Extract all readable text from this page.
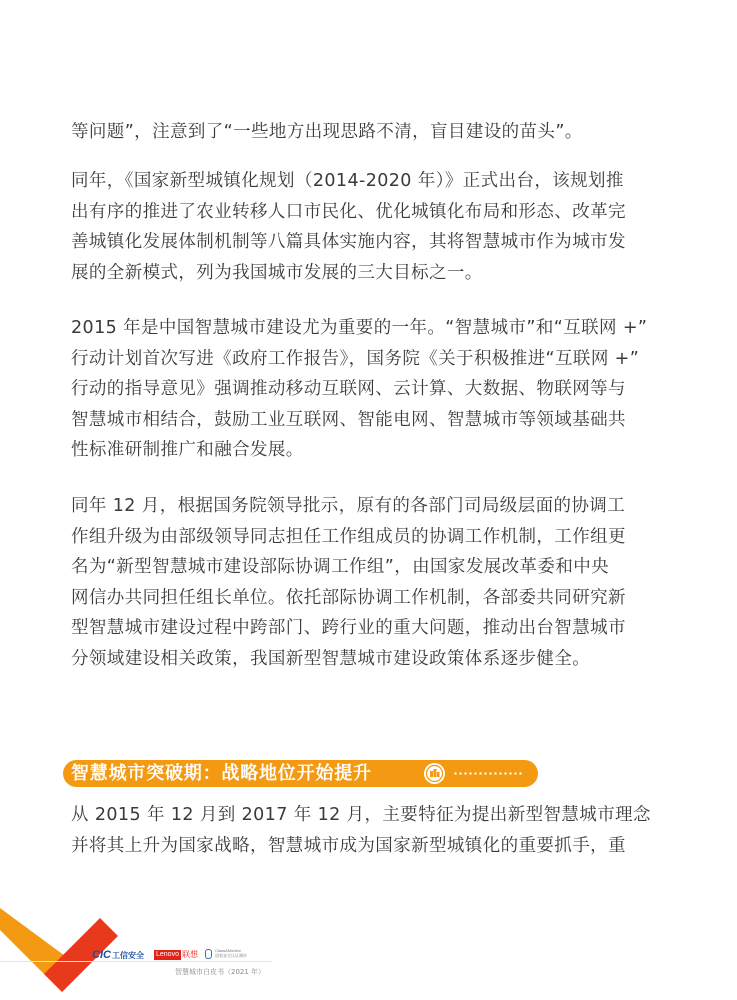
等问题”，注意到了“一些地方出现思路不清，盲目建设的苗头”。

同年，《国家新型城镇化规划（2014-2020 年）》正式出台，该规划推
出有序的推进了农业转移人口市民化、优化城镇化布局和形态、改革完
善城镇化发展体制机制等八篇具体实施内容，其将智慧城市作为城市发
展的全新模式，列为我国城市发展的三大目标之一。

2015 年是中国智慧城市建设尤为重要的一年。“智慧城市”和“互联网 +”
行动计划首次写进《政府工作报告》，国务院《关于积极推进“互联网 +”
行动的指导意见》强调推动移动互联网、云计算、大数据、物联网等与
智慧城市相结合，鼓励工业互联网、智能电网、智慧城市等领域基础共
性标准研制推广和融合发展。

同年 12 月，根据国务院领导批示，原有的各部门司局级层面的协调工
作组升级为由部级领导同志担任工作组成员的协调工作机制，工作组更
名为“新型智慧城市建设部际协调工作组”，由国家发展改革委和中央
网信办共同担任组长单位。依托部际协调工作机制，各部委共同研究新
型智慧城市建设过程中跨部门、跨行业的重大问题，推动出台智慧城市
分领域建设相关政策，我国新型智慧城市建设政策体系逐步健全。

智慧城市突破期：战略地位开始提升

从 2015 年 12 月到 2017 年 12 月，主要特征为提出新型智慧城市理念
并将其上升为国家战略，智慧城市成为国家新型城镇化的重要抓手，重

5
CIC工信安全 Lenovo 联想	ClassAMonitor
国家安全认证测评
智慧城市白皮书（2021 年）
